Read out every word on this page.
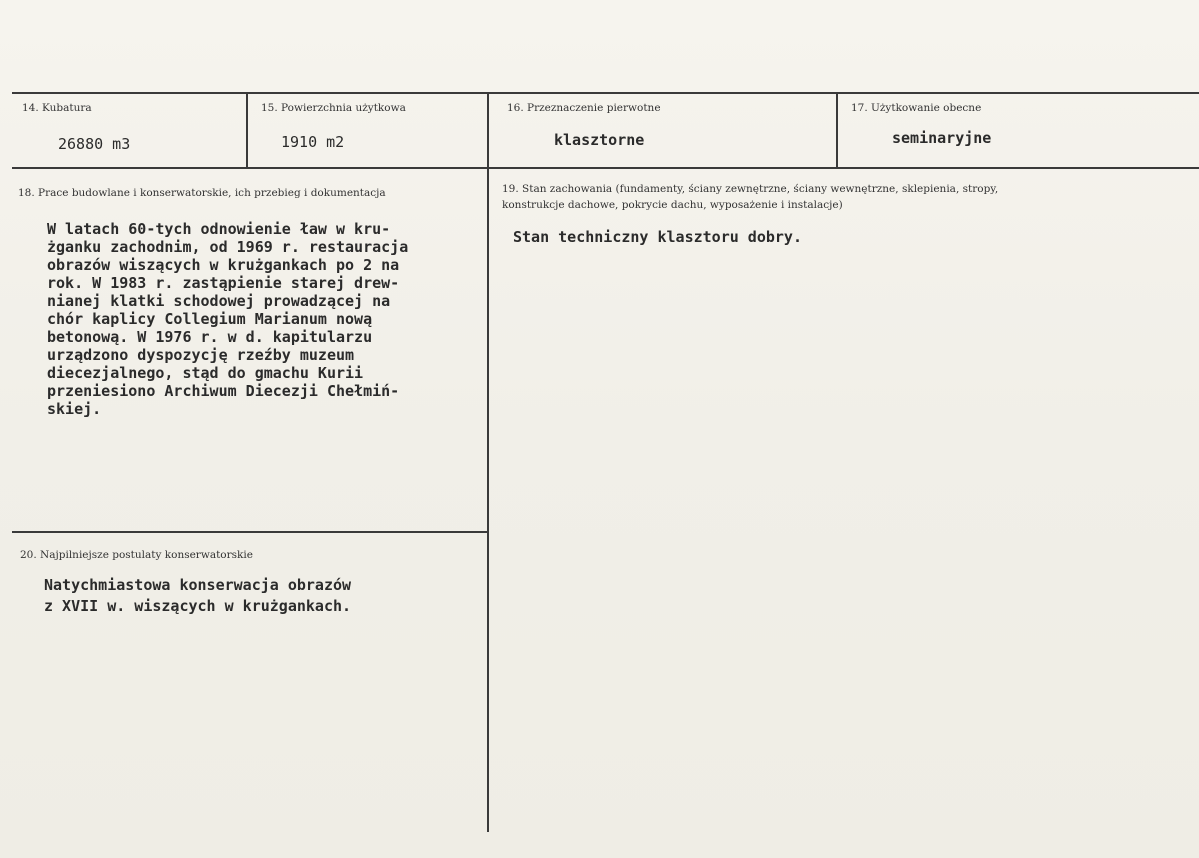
14. Kubatura
26880 m3
15. Powierzchnia użytkowa
1910 m2
16. Przeznaczenie pierwotne
klasztorne
17. Użytkowanie obecne
seminaryjne
18. Prace budowlane i konserwatorskie, ich przebieg i dokumentacja
W latach 60-tych odnowienie ław w kru-
żganku zachodnim, od 1969 r. restauracja
obrazów wiszących w krużgankach po 2 na
rok. W 1983 r. zastąpienie starej drew-
nianej klatki schodowej prowadzącej na
chór kaplicy Collegium Marianum nową
betonową. W 1976 r. w d. kapitularzu
urządzono dyspozycję rzeźby muzeum
diecezjalnego, stąd do gmachu Kurii
przeniesiono Archiwum Diecezji Chełmiń-
skiej.
19. Stan zachowania (fundamenty, ściany zewnętrzne, ściany wewnętrzne, sklepienia, stropy,
konstrukcje dachowe, pokrycie dachu, wyposażenie i instalacje)
Stan techniczny klasztoru dobry.
20. Najpilniejsze postulaty konserwatorskie
Natychmiastowa konserwacja obrazów
z XVII w. wiszących w krużgankach.
